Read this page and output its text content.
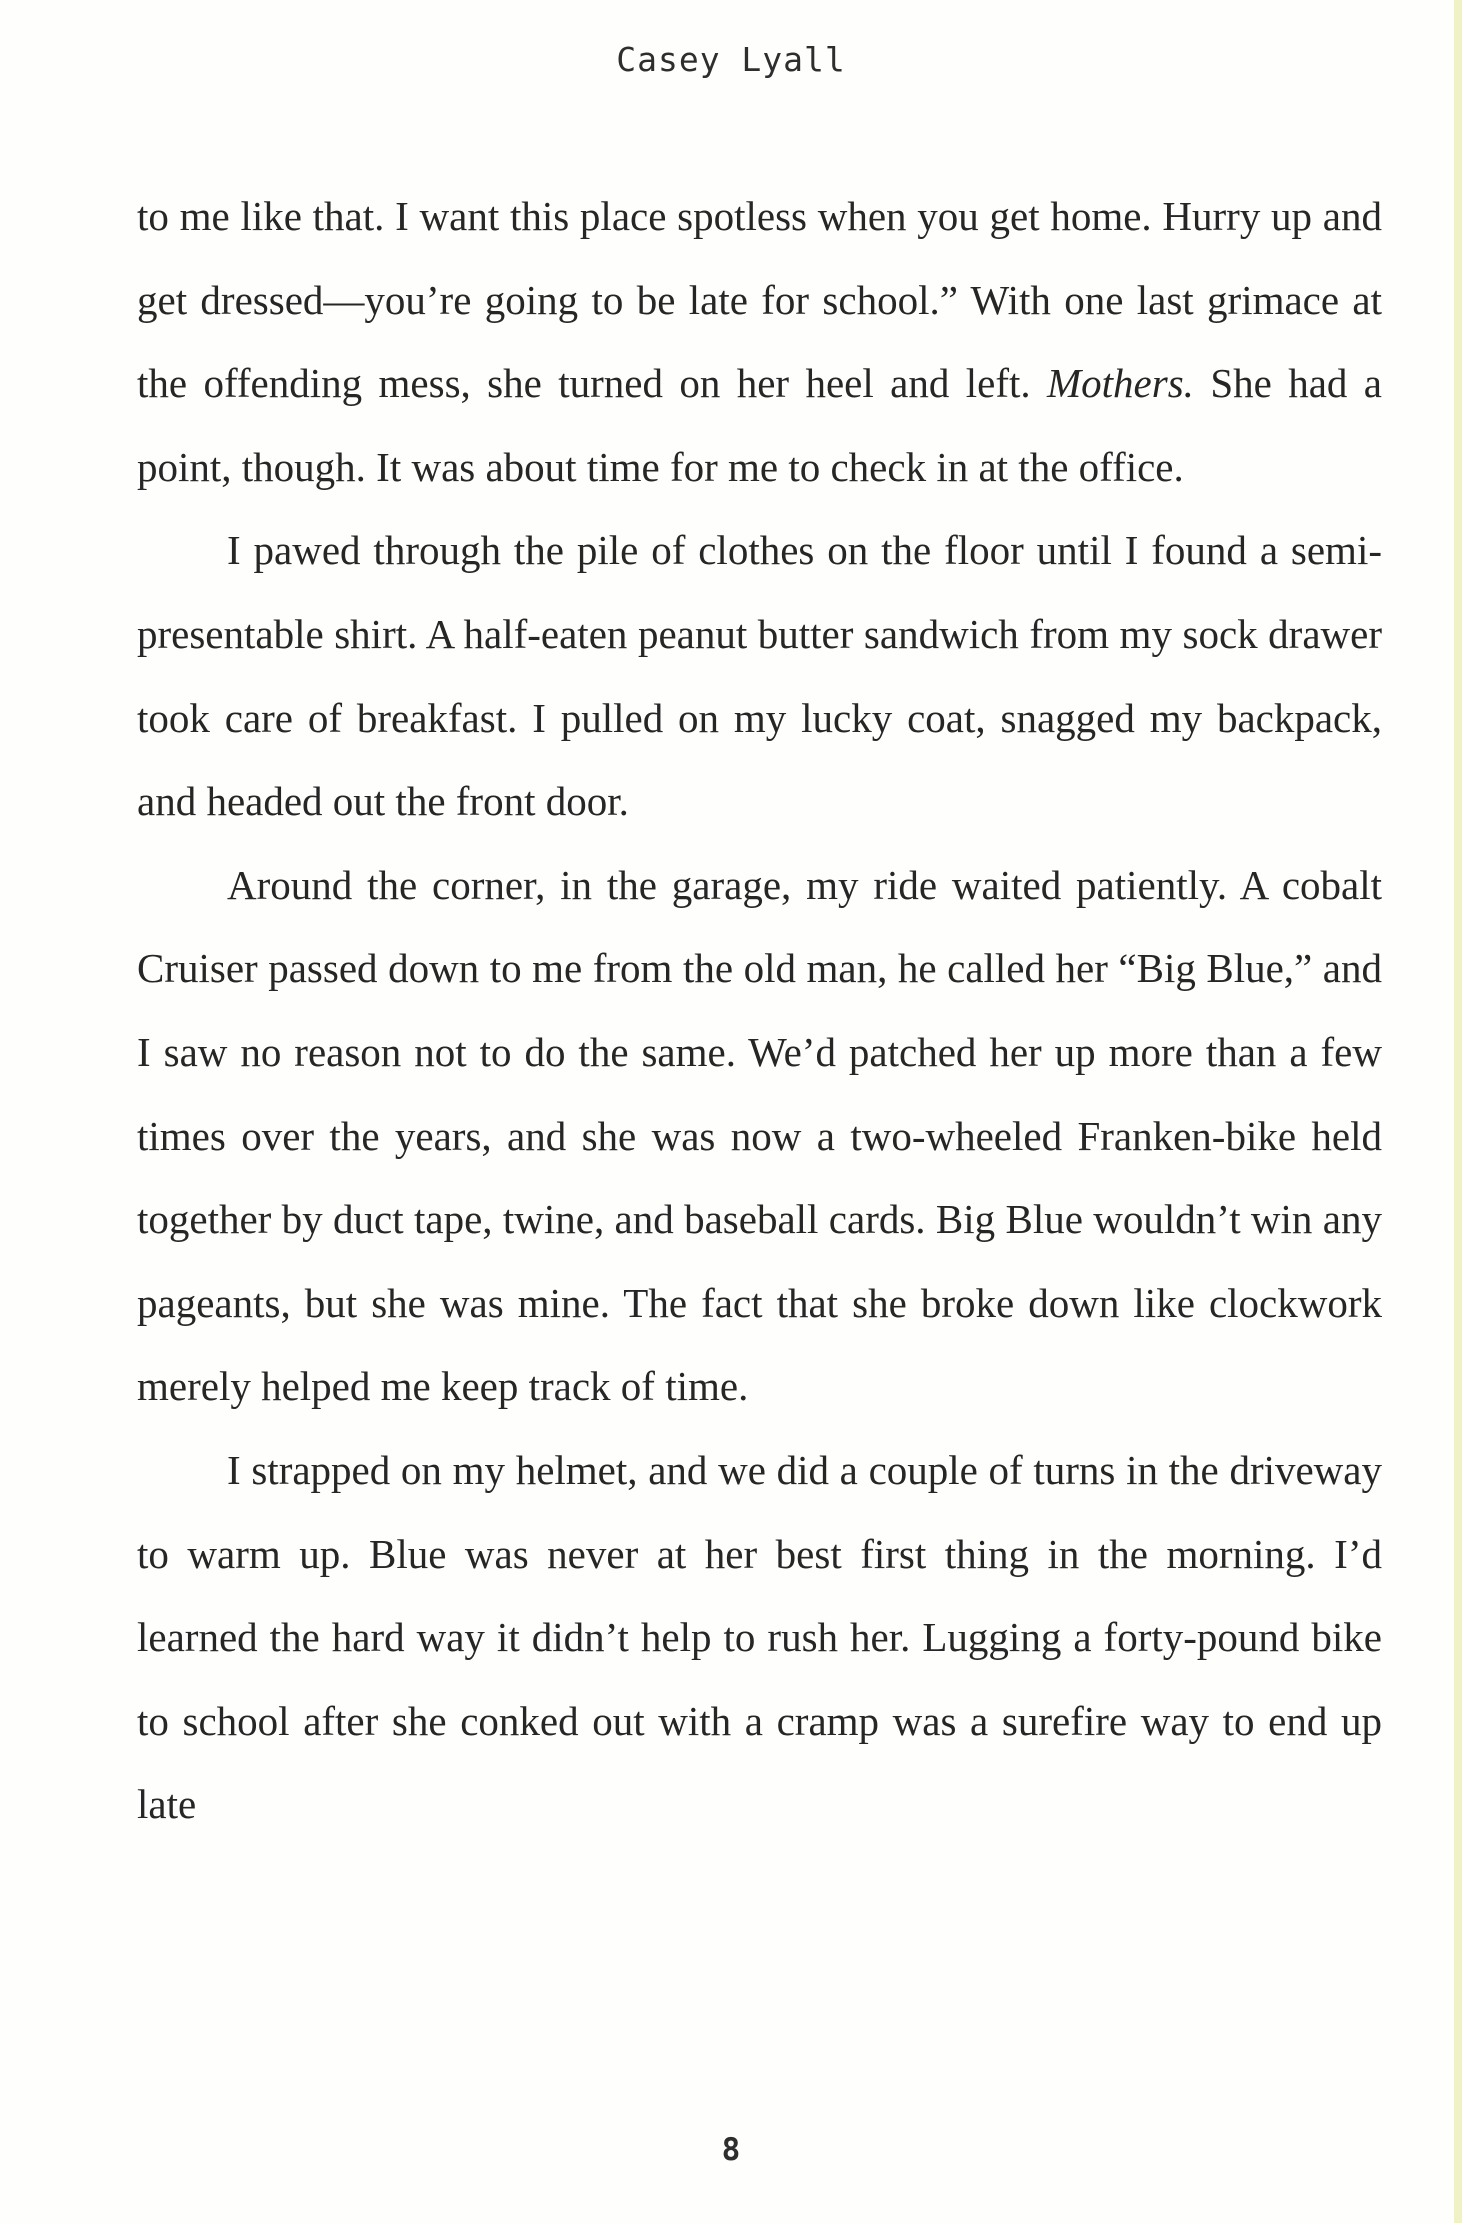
Casey Lyall

to me like that. I want this place spotless when you get home. Hurry up and get dressed—you’re going to be late for school.” With one last grimace at the offending mess, she turned on her heel and left. Mothers. She had a point, though. It was about time for me to check in at the office.

I pawed through the pile of clothes on the floor until I found a semi-presentable shirt. A half-eaten peanut butter sandwich from my sock drawer took care of breakfast. I pulled on my lucky coat, snagged my backpack, and headed out the front door.

Around the corner, in the garage, my ride waited patiently. A cobalt Cruiser passed down to me from the old man, he called her “Big Blue,” and I saw no reason not to do the same. We’d patched her up more than a few times over the years, and she was now a two-wheeled Franken-bike held together by duct tape, twine, and baseball cards. Big Blue wouldn’t win any pageants, but she was mine. The fact that she broke down like clockwork merely helped me keep track of time.

I strapped on my helmet, and we did a couple of turns in the driveway to warm up. Blue was never at her best first thing in the morning. I’d learned the hard way it didn’t help to rush her. Lugging a forty-pound bike to school after she conked out with a cramp was a surefire way to end up late

8
